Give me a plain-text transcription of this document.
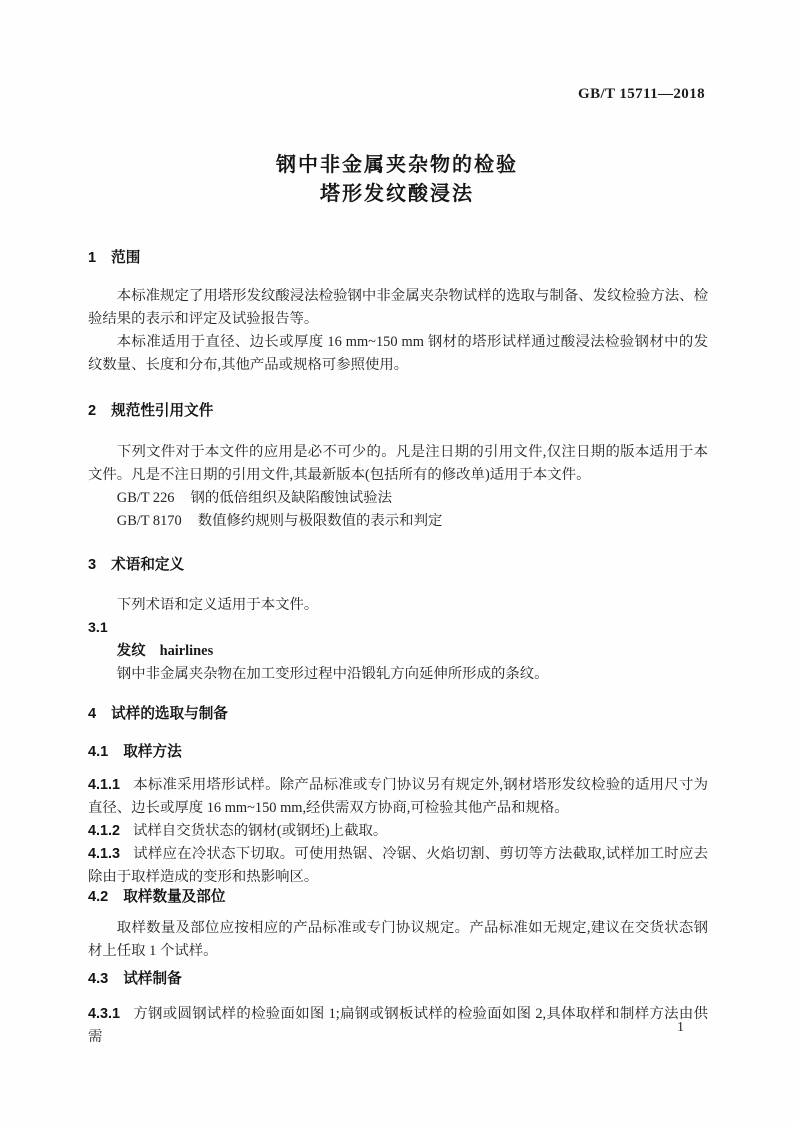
GB/T 15711—2018
钢中非金属夹杂物的检验
塔形发纹酸浸法

1 范围

本标准规定了用塔形发纹酸浸法检验钢中非金属夹杂物试样的选取与制备、发纹检验方法、检验结果的表示和评定及试验报告等。

本标准适用于直径、边长或厚度 16 mm~150 mm 钢材的塔形试样通过酸浸法检验钢材中的发纹数量、长度和分布,其他产品或规格可参照使用。

2 规范性引用文件

下列文件对于本文件的应用是必不可少的。凡是注日期的引用文件,仅注日期的版本适用于本文件。凡是不注日期的引用文件,其最新版本(包括所有的修改单)适用于本文件。

GB/T 226 钢的低倍组织及缺陷酸蚀试验法

GB/T 8170 数值修约规则与极限数值的表示和判定

3 术语和定义

下列术语和定义适用于本文件。

3.1

发纹 hairlines

钢中非金属夹杂物在加工变形过程中沿锻轧方向延伸所形成的条纹。

4 试样的选取与制备

4.1 取样方法

4.1.1 本标准采用塔形试样。除产品标准或专门协议另有规定外,钢材塔形发纹检验的适用尺寸为直径、边长或厚度 16 mm~150 mm,经供需双方协商,可检验其他产品和规格。

4.1.2 试样自交货状态的钢材(或钢坯)上截取。

4.1.3 试样应在冷状态下切取。可使用热锯、冷锯、火焰切割、剪切等方法截取,试样加工时应去除由于取样造成的变形和热影响区。

4.2 取样数量及部位

取样数量及部位应按相应的产品标准或专门协议规定。产品标准如无规定,建议在交货状态钢材上任取 1 个试样。

4.3 试样制备

4.3.1 方钢或圆钢试样的检验面如图 1;扁钢或钢板试样的检验面如图 2,具体取样和制样方法由供需

1
